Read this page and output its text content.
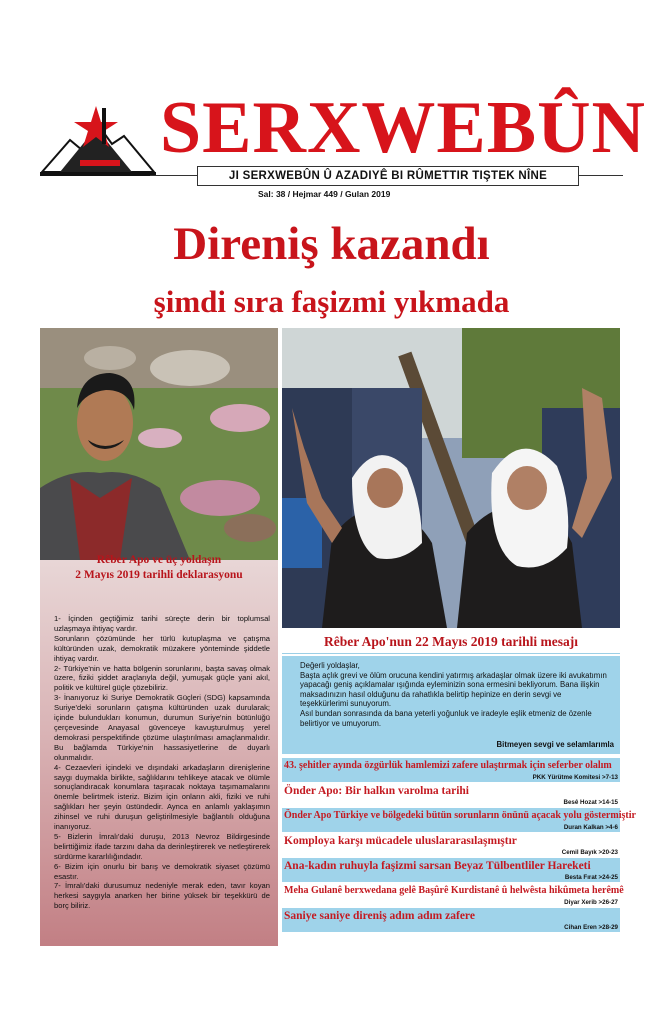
SERXWEBÛN
JI SERXWEBÛN Û AZADIYÊ BI RÛMETTIR TIŞTEK NÎNE
Sal: 38 / Hejmar 449 / Gulan 2019
Direniş kazandı
şimdi sıra faşizmi yıkmada
Rêber Apo ve üç yoldaşın
2 Mayıs 2019 tarihli deklarasyonu

1- İçinden geçtiğimiz tarihi süreçte derin bir toplumsal uzlaşmaya ihtiyaç vardır.

Sorunların çözümünde her türlü kutuplaşma ve çatışma kültüründen uzak, demokratik müzakere yönteminde şiddetle ihtiyaç vardır.

2- Türkiye'nin ve hatta bölgenin sorunlarını, başta savaş olmak üzere, fiziki şiddet araçlarıyla değil, yumuşak güçle yani akıl, politik ve kültürel güçle çözebiliriz.

3- İnanıyoruz ki Suriye Demokratik Güçleri (SDG) kapsamında Suriye'deki sorunların çatışma kültüründen uzak durularak; içinde bulundukları konumun, durumun Suriye'nin bütünlüğü çerçevesinde Anayasal güvenceye kavuşturulmuş yerel demokrasi perspektifinde çözüme ulaştırılması amaçlanmalıdır. Bu bağlamda Türkiye'nin hassasiyetlerine de duyarlı olunmalıdır.

4- Cezaevleri içindeki ve dışındaki arkadaşların direnişlerine saygı duymakla birlikte, sağlıklarını tehlikeye atacak ve ölümle sonuçlandıracak konumlara taşıracak noktaya taşımamalarını önemle belirtmek isteriz. Bizim için onların akli, fiziki ve ruhi sağlıkları her şeyin üstündedir. Aynca en anlamlı yaklaşımın zihinsel ve ruhi duruşun geliştirilmesiyle bağlantılı olduğuna inanıyoruz.

5- Bizlerin İmralı'daki duruşu, 2013 Nevroz Bildirgesinde belirttiğimiz ifade tarzını daha da derinleştirerek ve netleştirerek sürdürme kararlılığındadır.

6- Bizim için onurlu bir barış ve demokratik siyaset çözümü esastır.

7- İmralı'daki durusumuz nedeniyle merak eden, tavır koyan herkesi saygıyla anarken her birine yüksek bir teşekkürü de borç biliriz.

Rêber Apo'nun 22 Mayıs 2019 tarihli mesajı

Değerli yoldaşlar,

Başta açlık grevi ve ölüm orucuna kendini yatırmış arkadaşlar olmak üzere iki avukatımın yapacağı geniş açıklamalar ışığında eyleminizin sona ermesini bekliyorum. Bana ilişkin maksadınızın hasıl olduğunu da rahatlıkla belirtip hepinize en derin sevgi ve teşekkürlerimi sunuyorum.

Asıl bundan sonrasında da bana yeterli yoğunluk ve iradeyle eşlik etmeniz de özenle belirtiyor ve umuyorum.

Bitmeyen sevgi ve selamlarımla
43. şehitler ayında özgürlük hamlemizi zafere ulaştırmak için seferber olalım
PKK Yürütme Komitesi >7-13
Önder Apo: Bir halkın varolma tarihi
Besê Hozat >14-15
Önder Apo Türkiye ve bölgedeki bütün sorunların önünü açacak yolu göstermiştir
Duran Kalkan >4-6
Komploya karşı mücadele uluslararasılaşmıştır
Cemil Bayık >20-23
Ana-kadın ruhuyla faşizmi sarsan Beyaz Tülbentliler Hareketi
Besta Fırat >24-25
Meha Gulanê berxwedana gelê Başûrê Kurdistanê û helwêsta hikûmeta herêmê
Diyar Xerib >26-27
Saniye saniye direniş adım adım zafere
Cihan Eren >28-29
